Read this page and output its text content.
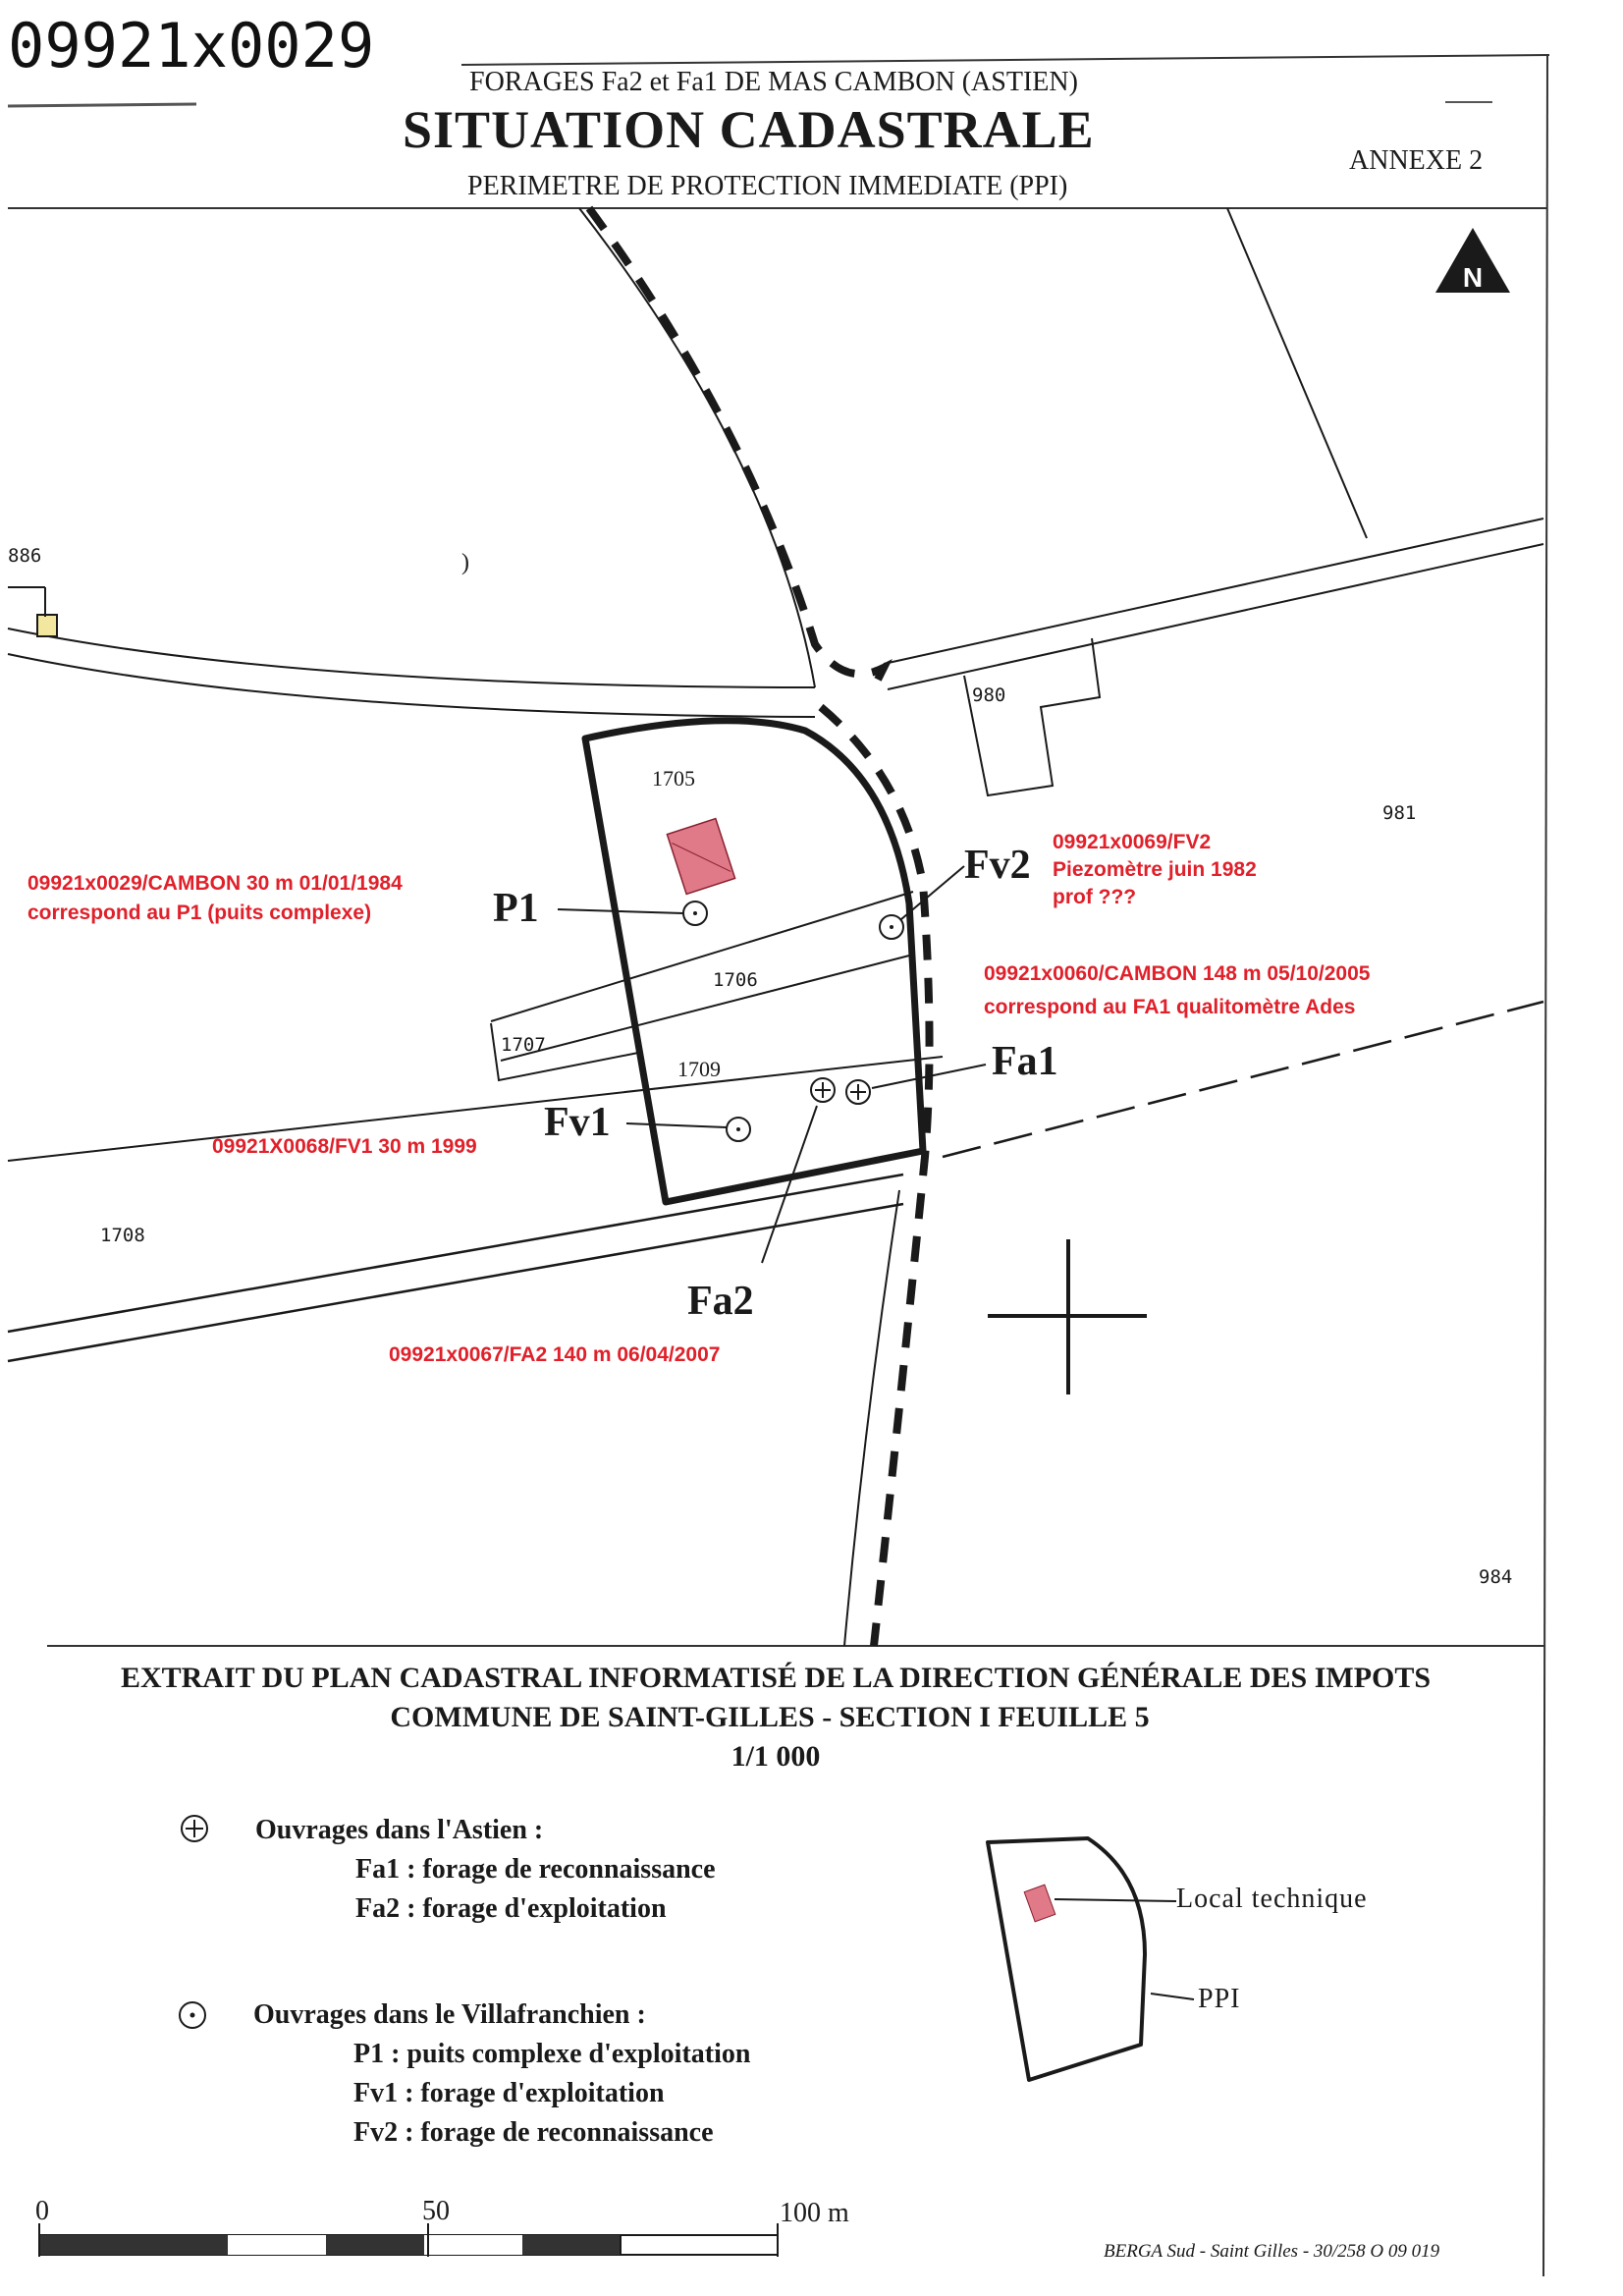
09921x0029
FORAGES Fa2 et Fa1 DE MAS CAMBON (ASTIEN)
SITUATION CADASTRALE
PERIMETRE DE PROTECTION IMMEDIATE (PPI)
ANNEXE 2
N
)
886
980
981
1705
1706
1707
1709
1708
984
P1
Fv2
Fa1
Fv1
Fa2
09921x0029/CAMBON 30 m 01/01/1984
correspond au P1 (puits complexe)
09921x0069/FV2
Piezomètre juin 1982
prof ???
09921x0060/CAMBON 148 m 05/10/2005
correspond au FA1 qualitomètre Ades
09921X0068/FV1 30 m 1999
09921x0067/FA2 140 m 06/04/2007
EXTRAIT DU PLAN CADASTRAL INFORMATISÉ DE LA DIRECTION GÉNÉRALE DES IMPOTS
COMMUNE DE SAINT-GILLES - SECTION I FEUILLE 5
1/1 000
Ouvrages dans l'Astien :
Fa1 : forage de reconnaissance
Fa2 : forage d'exploitation
Ouvrages dans le Villafranchien :
P1 : puits complexe d'exploitation
Fv1 : forage d'exploitation
Fv2 : forage de reconnaissance
Local technique
PPI
0	50	100 m
BERGA Sud - Saint Gilles - 30/258 O 09 019
